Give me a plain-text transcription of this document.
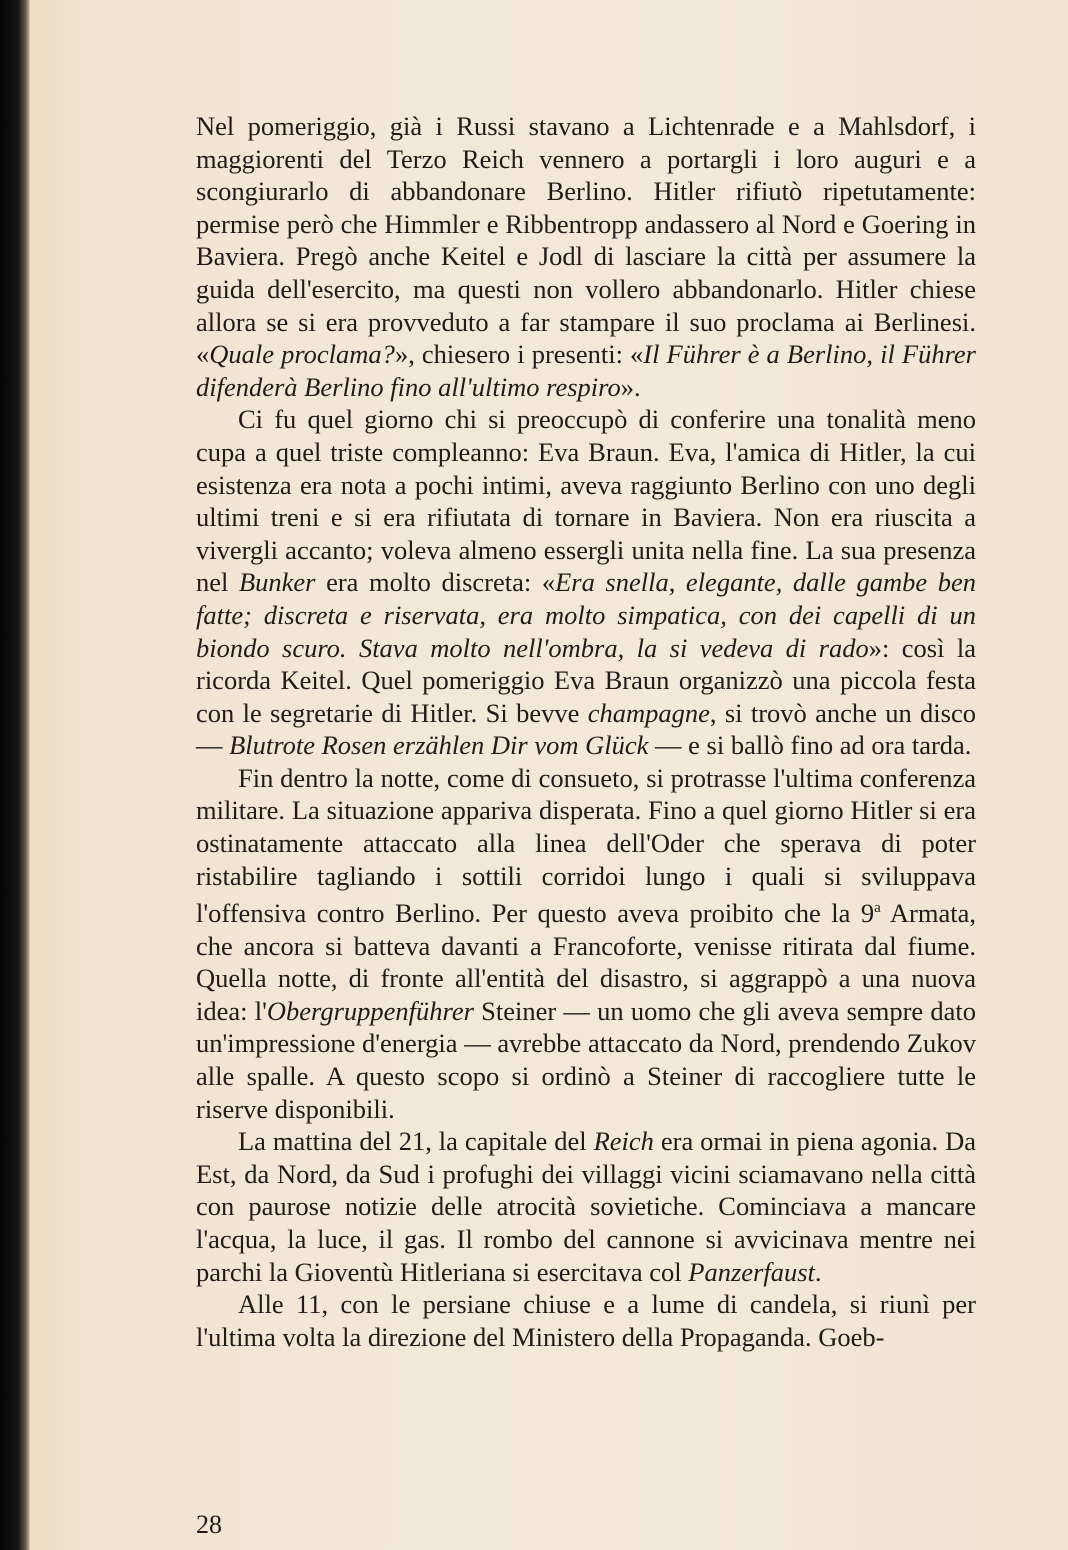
Nel pomeriggio, già i Russi stavano a Lichtenrade e a Mahlsdorf, i maggiorenti del Terzo Reich vennero a portargli i loro auguri e a scongiurarlo di abbandonare Berlino. Hitler rifiutò ripetutamente: permise però che Himmler e Ribbentropp andassero al Nord e Goering in Baviera. Pregò anche Keitel e Jodl di lasciare la città per assumere la guida dell'esercito, ma questi non vollero abbandonarlo. Hitler chiese allora se si era provveduto a far stampare il suo proclama ai Berlinesi. «Quale proclama?», chiesero i presenti: «Il Führer è a Berlino, il Führer difenderà Berlino fino all'ultimo respiro».

Ci fu quel giorno chi si preoccupò di conferire una tonalità meno cupa a quel triste compleanno: Eva Braun. Eva, l'amica di Hitler, la cui esistenza era nota a pochi intimi, aveva raggiunto Berlino con uno degli ultimi treni e si era rifiutata di tornare in Baviera. Non era riuscita a vivergli accanto; voleva almeno essergli unita nella fine. La sua presenza nel Bunker era molto discreta: «Era snella, elegante, dalle gambe ben fatte; discreta e riservata, era molto simpatica, con dei capelli di un biondo scuro. Stava molto nell'ombra, la si vedeva di rado»: così la ricorda Keitel. Quel pomeriggio Eva Braun organizzò una piccola festa con le segretarie di Hitler. Si bevve champagne, si trovò anche un disco — Blutrote Rosen erzählen Dir vom Glück — e si ballò fino ad ora tarda.

Fin dentro la notte, come di consueto, si protrasse l'ultima conferenza militare. La situazione appariva disperata. Fino a quel giorno Hitler si era ostinatamente attaccato alla linea dell'Oder che sperava di poter ristabilire tagliando i sottili corridoi lungo i quali si sviluppava l'offensiva contro Berlino. Per questo aveva proibito che la 9$^a$ Armata, che ancora si batteva davanti a Francoforte, venisse ritirata dal fiume. Quella notte, di fronte all'entità del disastro, si aggrappò a una nuova idea: l'Obergruppenführer Steiner — un uomo che gli aveva sempre dato un'impressione d'energia — avrebbe attaccato da Nord, prendendo Zukov alle spalle. A questo scopo si ordinò a Steiner di raccogliere tutte le riserve disponibili.

La mattina del 21, la capitale del Reich era ormai in piena agonia. Da Est, da Nord, da Sud i profughi dei villaggi vicini sciamavano nella città con paurose notizie delle atrocità sovietiche. Cominciava a mancare l'acqua, la luce, il gas. Il rombo del cannone si avvicinava mentre nei parchi la Gioventù Hitleriana si esercitava col Panzerfaust.

Alle 11, con le persiane chiuse e a lume di candela, si riunì per l'ultima volta la direzione del Ministero della Propaganda. Goeb-

28
